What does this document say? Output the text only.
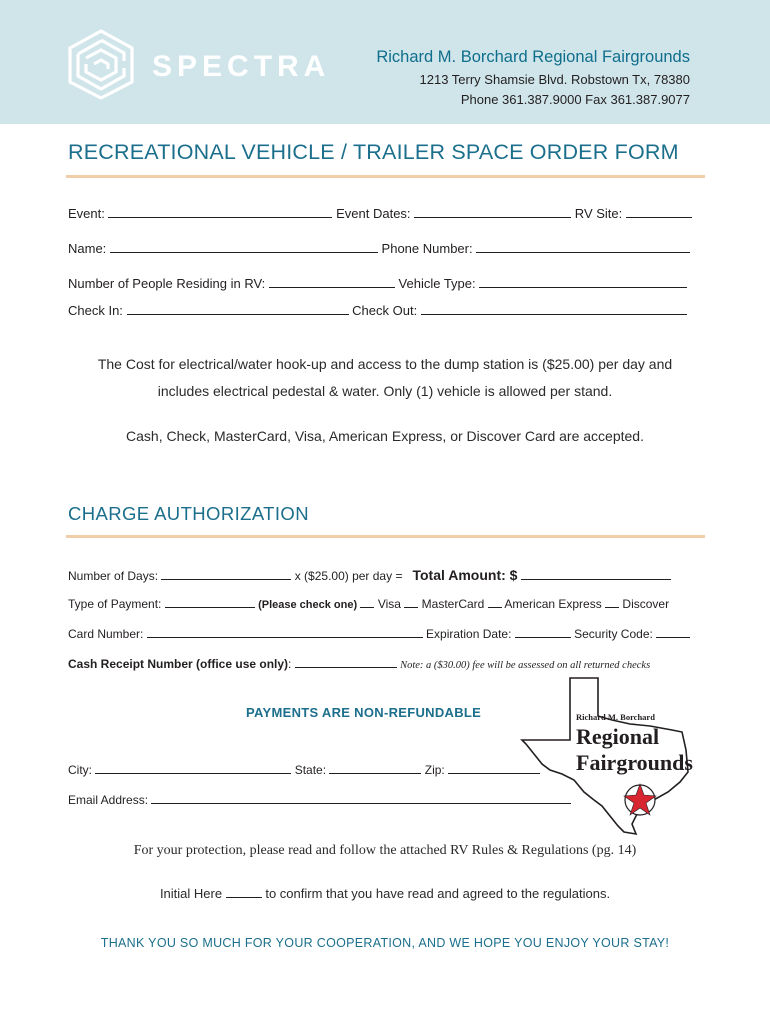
SPECTRA	Richard M. Borchard Regional Fairgrounds
1213 Terry Shamsie Blvd. Robstown Tx, 78380
Phone 361.387.9000 Fax 361.387.9077
RECREATIONAL VEHICLE / TRAILER SPACE ORDER FORM
Event:	Event Dates:	RV Site:
Name:	Phone Number:
Number of People Residing in RV:	Vehicle Type:
Check In:	Check Out:
The Cost for electrical/water hook-up and access to the dump station is ($25.00) per day and
includes electrical pedestal & water. Only (1) vehicle is allowed per stand.
Cash, Check, MasterCard, Visa, American Express, or Discover Card are accepted.
CHARGE AUTHORIZATION
Number of Days:	x ($25.00) per day = Total Amount: $
Type of Payment:	(Please check one) Visa MasterCard American Express Discover
Card Number:	Expiration Date:	Security Code:
Cash Receipt Number (office use only):	Note: a ($30.00) fee will be assessed on all returned checks
PAYMENTS ARE NON-REFUNDABLE
City:	State:	Zip:
Email Address:
Richard M. Borchard
Regional
Fairgrounds
For your protection, please read and follow the attached RV Rules & Regulations (pg. 14)
Initial Here	to confirm that you have read and agreed to the regulations.
THANK YOU SO MUCH FOR YOUR COOPERATION, AND WE HOPE YOU ENJOY YOUR STAY!
